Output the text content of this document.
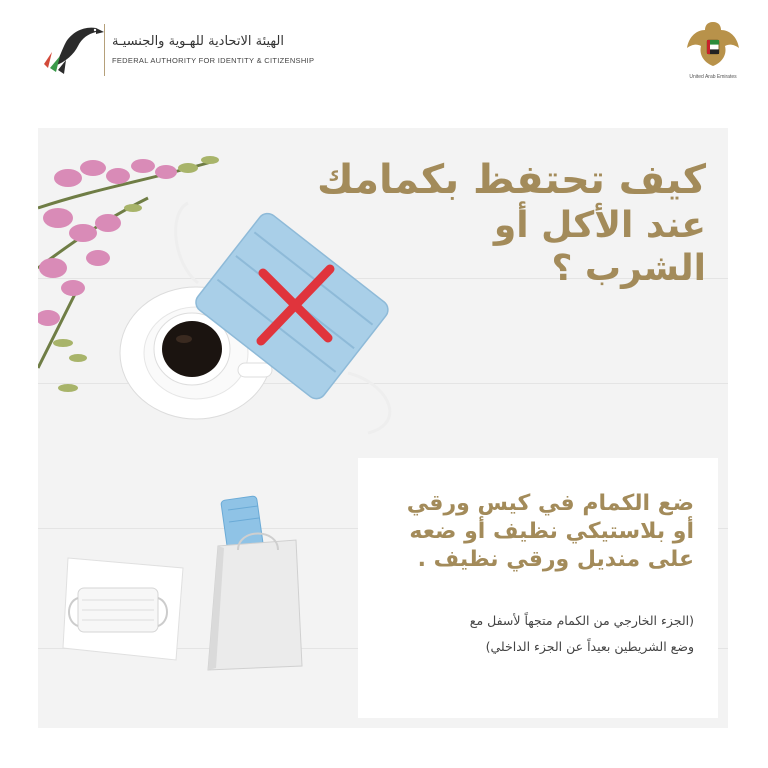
الهيئة الاتحادية للهـوية والجنسيـة
FEDERAL AUTHORITY FOR IDENTITY & CITIZENSHIP
United Arab Emirates
كيف تحتفظ بكمامك
عند الأكل أو
الشرب ؟
ضع الكمام في كيس ورقي
أو بلاستيكي نظيف أو ضعه
على منديل ورقي نظيف .
(الجزء الخارجي من الكمام متجهاً لأسفل مع
وضع الشريطين بعيداً عن الجزء الداخلي)
